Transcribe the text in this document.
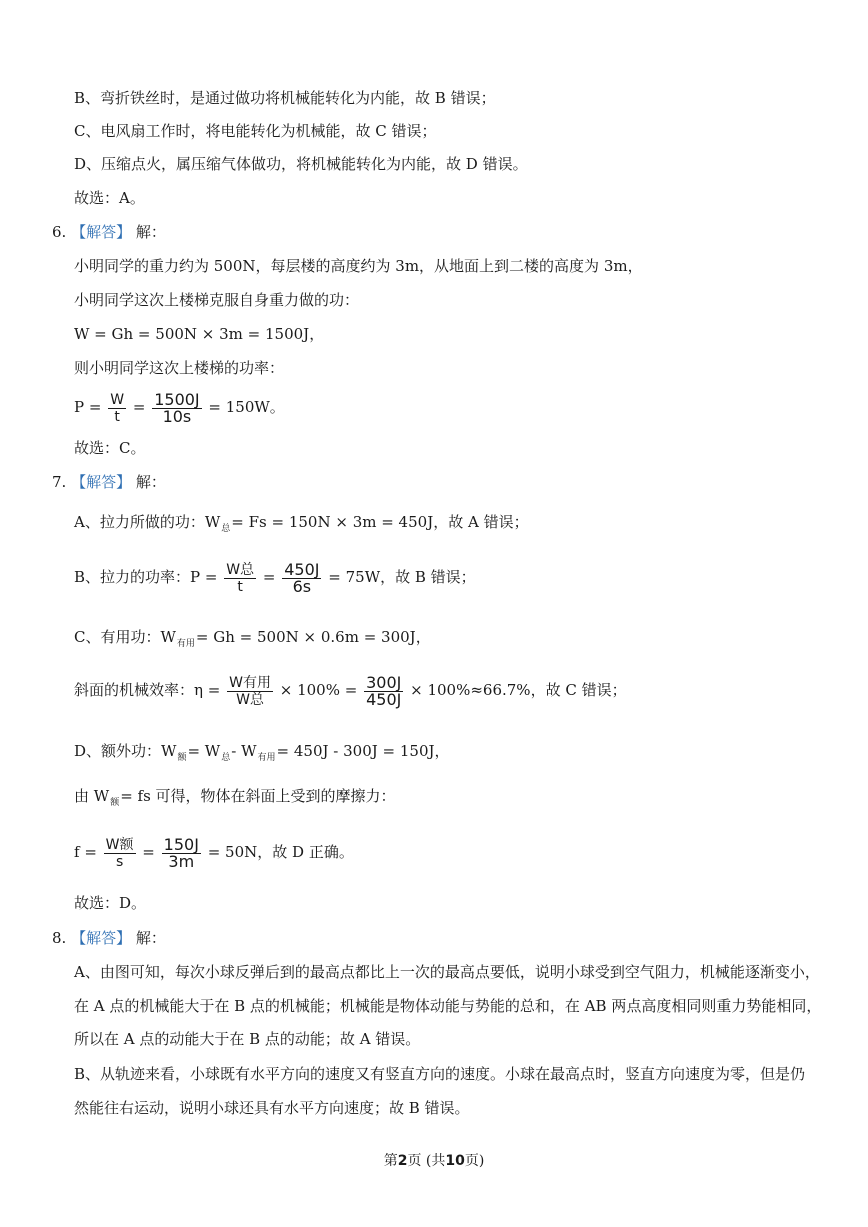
B、弯折铁丝时，是通过做功将机械能转化为内能，故 B 错误；
C、电风扇工作时，将电能转化为机械能，故 C 错误；
D、压缩点火，属压缩气体做功，将机械能转化为内能，故 D 错误。
故选：A。
6. 【解答】 解：
小明同学的重力约为 500N，每层楼的高度约为 3m，从地面上到二楼的高度为 3m，
小明同学这次上楼梯克服自身重力做的功：
W = Gh = 500N × 3m = 1500J，
则小明同学这次上楼梯的功率：
$P = \frac{W}{t} = \frac{1500J}{10s} = 150W$。
故选：C。
7. 【解答】 解：
A、拉力所做的功：$W_总= Fs = 150N \times 3m = 450J$，故 A 错误；
B、拉力的功率：$P = \frac{\text{W总}}{t} = \frac{450J}{6s} = 75W$，故 B 错误；
C、有用功：$W_{有用}= Gh = 500N \times 0.6m = 300J$，
斜面的机械效率：$\eta = \frac{\text{W有用}}{\text{W总}} \times 100\% = \frac{300J}{450J} \times 100\%\approx 66.7\%$，故 C 错误；
D、额外功：$W_额= W_总-$ $W_{有用}= 450J - 300J = 150J$，
由 $W_额=$ fs 可得，物体在斜面上受到的摩擦力：
$f = \frac{\text{W额}}{s} = \frac{150J}{3m} = 50N$，故 D 正确。
故选：D。
8. 【解答】 解：
A、由图可知，每次小球反弹后到的最高点都比上一次的最高点要低，说明小球受到空气阻力，机械能逐渐变小，
在 A 点的机械能大于在 B 点的机械能；机械能是物体动能与势能的总和，在 AB 两点高度相同则重力势能相同，
所以在 A 点的动能大于在 B 点的动能；故 A 错误。
B、从轨迹来看，小球既有水平方向的速度又有竖直方向的速度。小球在最高点时，竖直方向速度为零，但是仍
然能往右运动，说明小球还具有水平方向速度；故 B 错误。
第2页 (共10页)
